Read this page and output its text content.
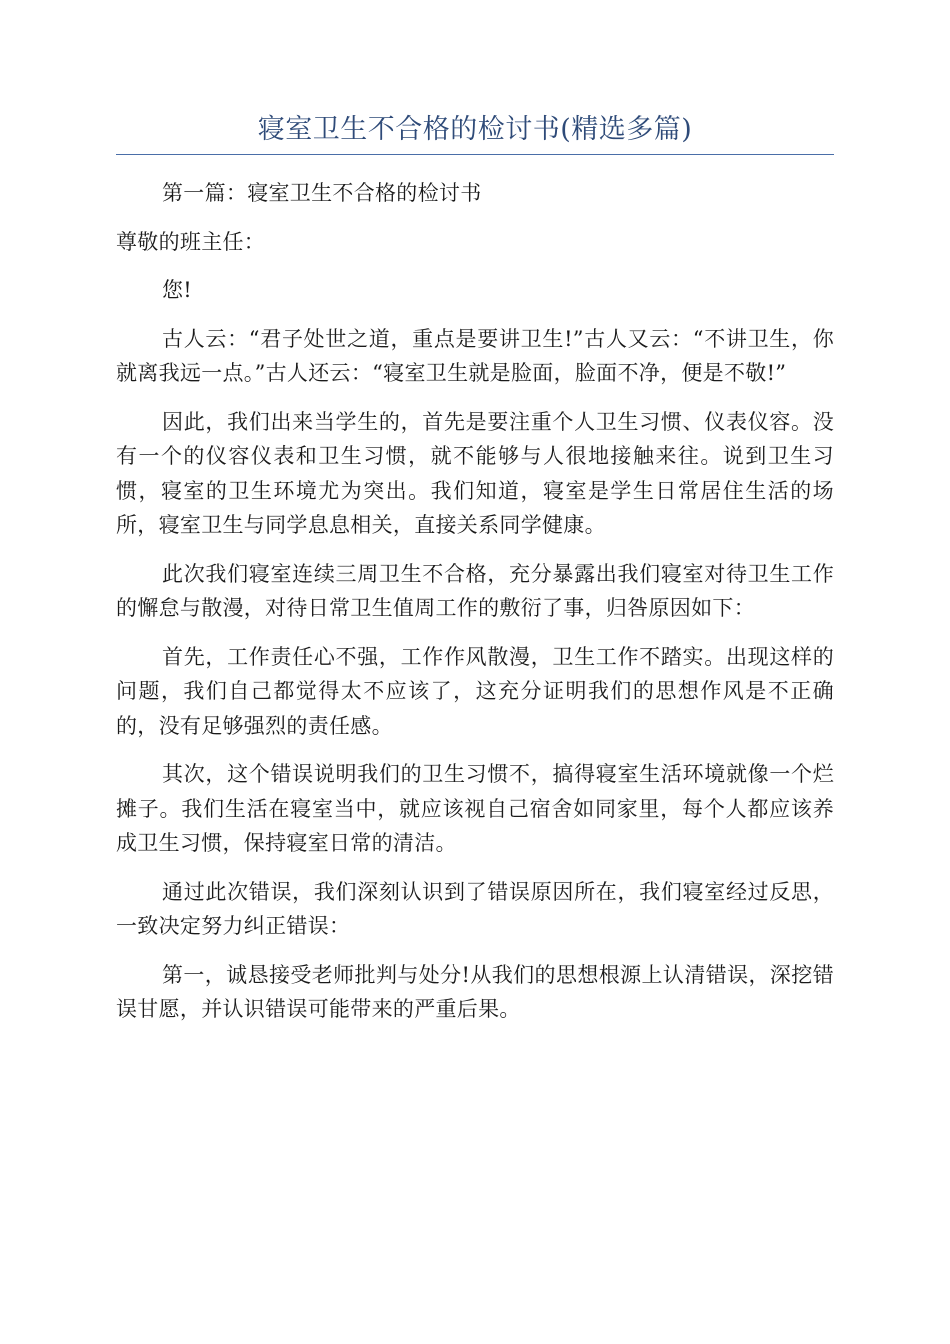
寝室卫生不合格的检讨书(精选多篇)

第一篇：寝室卫生不合格的检讨书

尊敬的班主任：

您!

古人云：“君子处世之道，重点是要讲卫生!”古人又云：“不讲卫生，你就离我远一点。”古人还云：“寝室卫生就是脸面，脸面不净，便是不敬!”

因此，我们出来当学生的，首先是要注重个人卫生习惯、仪表仪容。没有一个的仪容仪表和卫生习惯，就不能够与人很地接触来往。说到卫生习惯，寝室的卫生环境尤为突出。我们知道，寝室是学生日常居住生活的场所，寝室卫生与同学息息相关，直接关系同学健康。

此次我们寝室连续三周卫生不合格，充分暴露出我们寝室对待卫生工作的懈怠与散漫，对待日常卫生值周工作的敷衍了事，归咎原因如下：

首先，工作责任心不强，工作作风散漫，卫生工作不踏实。出现这样的问题，我们自己都觉得太不应该了，这充分证明我们的思想作风是不正确的，没有足够强烈的责任感。

其次，这个错误说明我们的卫生习惯不，搞得寝室生活环境就像一个烂摊子。我们生活在寝室当中，就应该视自己宿舍如同家里，每个人都应该养成卫生习惯，保持寝室日常的清洁。

通过此次错误，我们深刻认识到了错误原因所在，我们寝室经过反思，一致决定努力纠正错误：

第一，诚恳接受老师批判与处分!从我们的思想根源上认清错误，深挖错误甘愿，并认识错误可能带来的严重后果。
